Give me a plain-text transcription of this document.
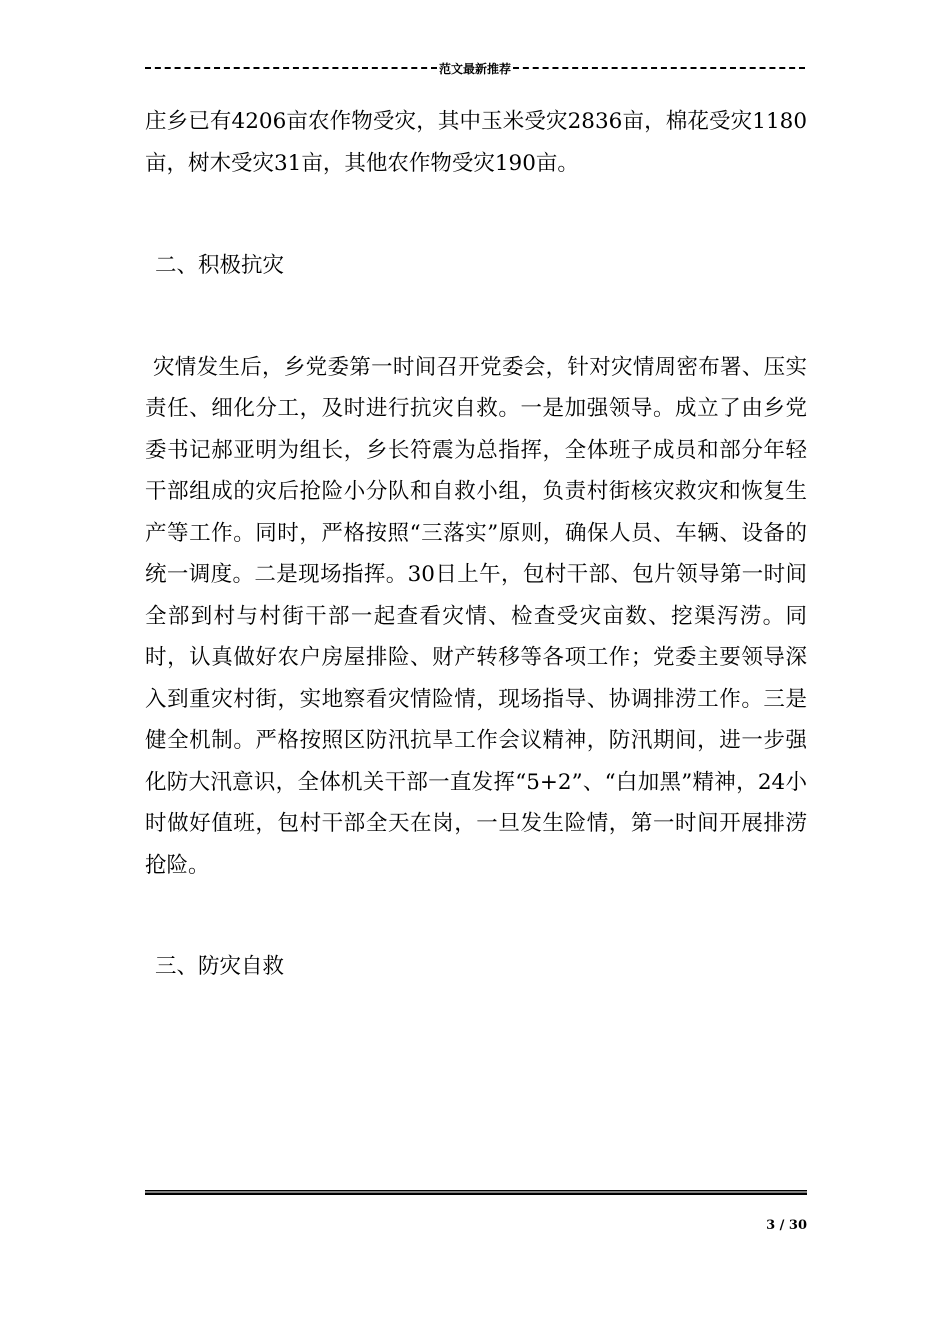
范文最新推荐

庄乡已有4206亩农作物受灾，其中玉米受灾2836亩，棉花受灾1180亩，树木受灾31亩，其他农作物受灾190亩。

二、积极抗灾

灾情发生后，乡党委第一时间召开党委会，针对灾情周密布署、压实责任、细化分工，及时进行抗灾自救。一是加强领导。成立了由乡党委书记郝亚明为组长，乡长符震为总指挥，全体班子成员和部分年轻干部组成的灾后抢险小分队和自救小组，负责村街核灾救灾和恢复生产等工作。同时，严格按照“三落实”原则，确保人员、车辆、设备的统一调度。二是现场指挥。30日上午，包村干部、包片领导第一时间全部到村与村街干部一起查看灾情、检查受灾亩数、挖渠泻涝。同时，认真做好农户房屋排险、财产转移等各项工作；党委主要领导深入到重灾村街，实地察看灾情险情，现场指导、协调排涝工作。三是健全机制。严格按照区防汛抗旱工作会议精神，防汛期间，进一步强化防大汛意识，全体机关干部一直发挥“5+2”、“白加黑”精神，24小时做好值班，包村干部全天在岗，一旦发生险情，第一时间开展排涝抢险。

三、防灾自救

3 / 30
